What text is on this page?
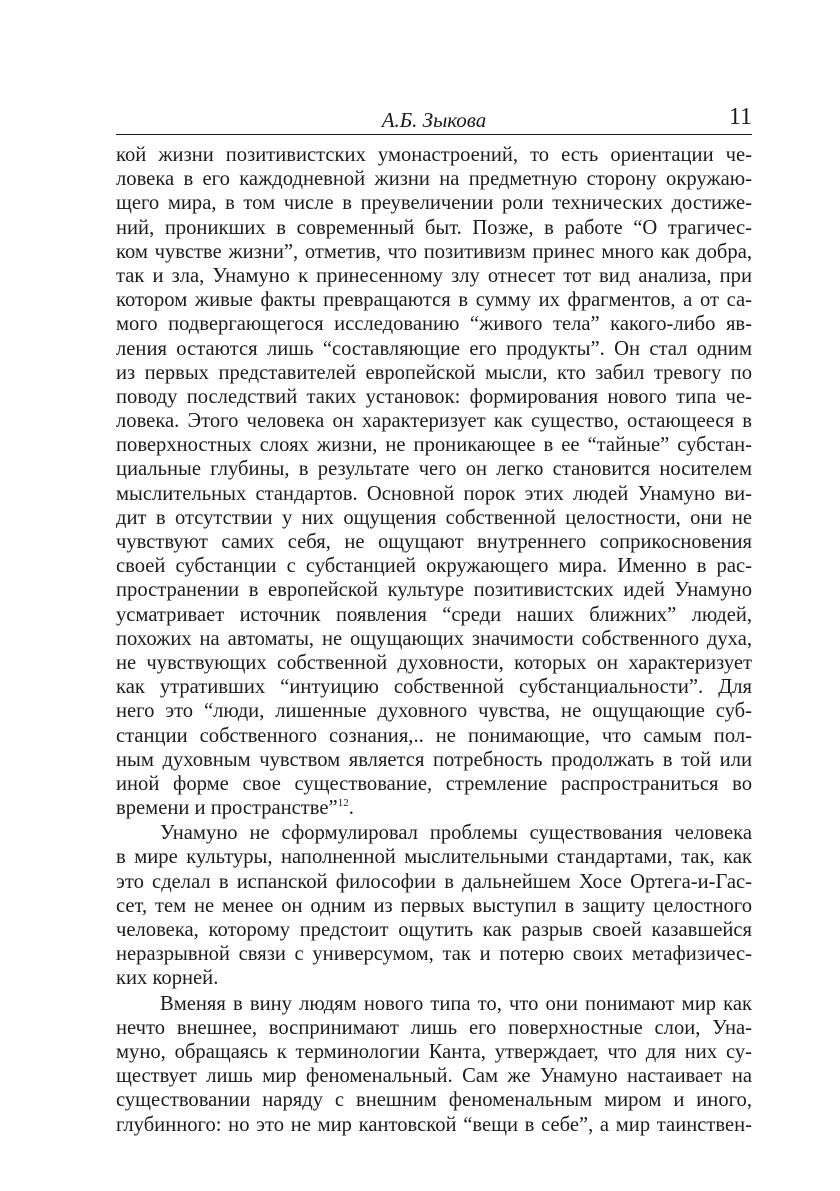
А.Б. Зыкова	11
кой жизни позитивистских умонастроений, то есть ориентации че-
ловека в его каждодневной жизни на предметную сторону окружаю-
щего мира, в том числе в преувеличении роли технических достиже-
ний, проникших в современный быт. Позже, в работе “О трагичес-
ком чувстве жизни”, отметив, что позитивизм принес много как добра,
так и зла, Унамуно к принесенному злу отнесет тот вид анализа, при
котором живые факты превращаются в сумму их фрагментов, а от са-
мого подвергающегося исследованию “живого тела” какого-либо яв-
ления остаются лишь “составляющие его продукты”. Он стал одним
из первых представителей европейской мысли, кто забил тревогу по
поводу последствий таких установок: формирования нового типа че-
ловека. Этого человека он характеризует как существо, остающееся в
поверхностных слоях жизни, не проникающее в ее “тайные” субстан-
циальные глубины, в результате чего он легко становится носителем
мыслительных стандартов. Основной порок этих людей Унамуно ви-
дит в отсутствии у них ощущения собственной целостности, они не
чувствуют самих себя, не ощущают внутреннего соприкосновения
своей субстанции с субстанцией окружающего мира. Именно в рас-
пространении в европейской культуре позитивистских идей Унамуно
усматривает источник появления “среди наших ближних” людей,
похожих на автоматы, не ощущающих значимости собственного духа,
не чувствующих собственной духовности, которых он характеризует
как утративших “интуицию собственной субстанциальности”. Для
него это “люди, лишенные духовного чувства, не ощущающие суб-
станции собственного сознания,.. не понимающие, что самым пол-
ным духовным чувством является потребность продолжать в той или
иной форме свое существование, стремление распространиться во
времени и пространстве”$^{12}$.
Унамуно не сформулировал проблемы существования человека
в мире культуры, наполненной мыслительными стандартами, так, как
это сделал в испанской философии в дальнейшем Хосе Ортега-и-Гас-
сет, тем не менее он одним из первых выступил в защиту целостного
человека, которому предстоит ощутить как разрыв своей казавшейся
неразрывной связи с универсумом, так и потерю своих метафизичес-
ких корней.
Вменяя в вину людям нового типа то, что они понимают мир как
нечто внешнее, воспринимают лишь его поверхностные слои, Уна-
муно, обращаясь к терминологии Канта, утверждает, что для них су-
ществует лишь мир феноменальный. Сам же Унамуно настаивает на
существовании наряду с внешним феноменальным миром и иного,
глубинного: но это не мир кантовской “вещи в себе”, а мир таинствен-
